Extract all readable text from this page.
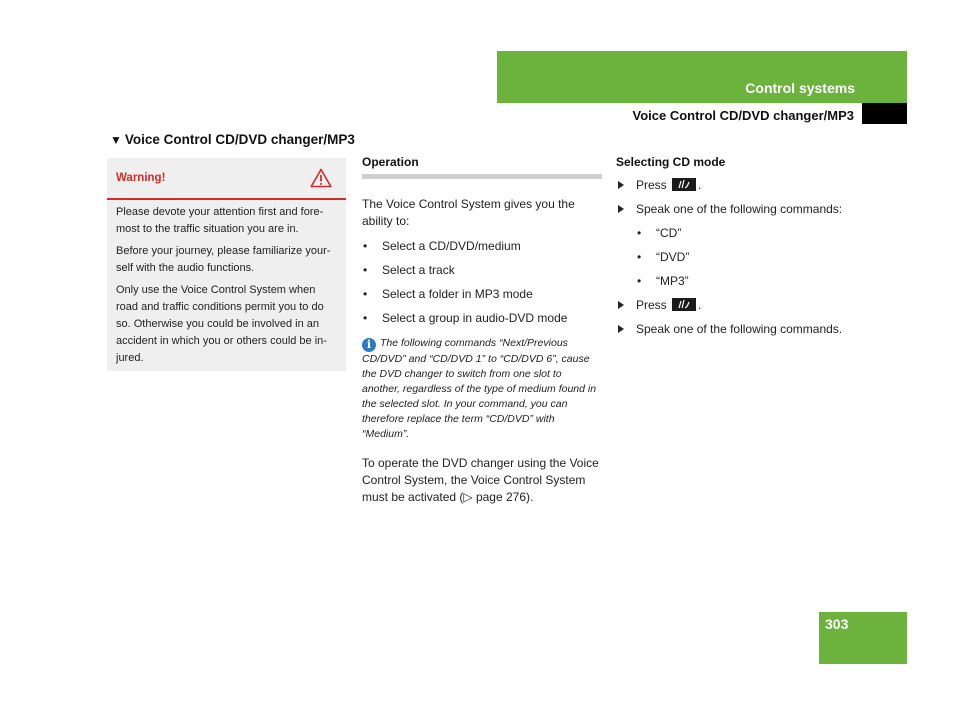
Control systems
Voice Control CD/DVD changer/MP3
▼ Voice Control CD/DVD changer/MP3
Warning!

Please devote your attention first and fore-most to the traffic situation you are in.

Before your journey, please familiarize your-self with the audio functions.

Only use the Voice Control System when road and traffic conditions permit you to do so. Otherwise you could be involved in an accident in which you or others could be in-jured.

Operation
The Voice Control System gives you the ability to:
• Select a CD/DVD/medium
• Select a track
• Select a folder in MP3 mode
• Select a group in audio-DVD mode
i The following commands “Next/Previous CD/DVD” and “CD/DVD 1” to “CD/DVD 6”, cause the DVD changer to switch from one slot to another, regardless of the type of medium found in the selected slot. In your command, you can therefore replace the term “CD/DVD” with “Medium”.
To operate the DVD changer using the Voice Control System, the Voice Control System must be activated (▷ page 276).
Selecting CD mode
Press	.
Speak one of the following commands:
• “CD”
• “DVD”
• “MP3”
Press	.
Speak one of the following commands.
303
